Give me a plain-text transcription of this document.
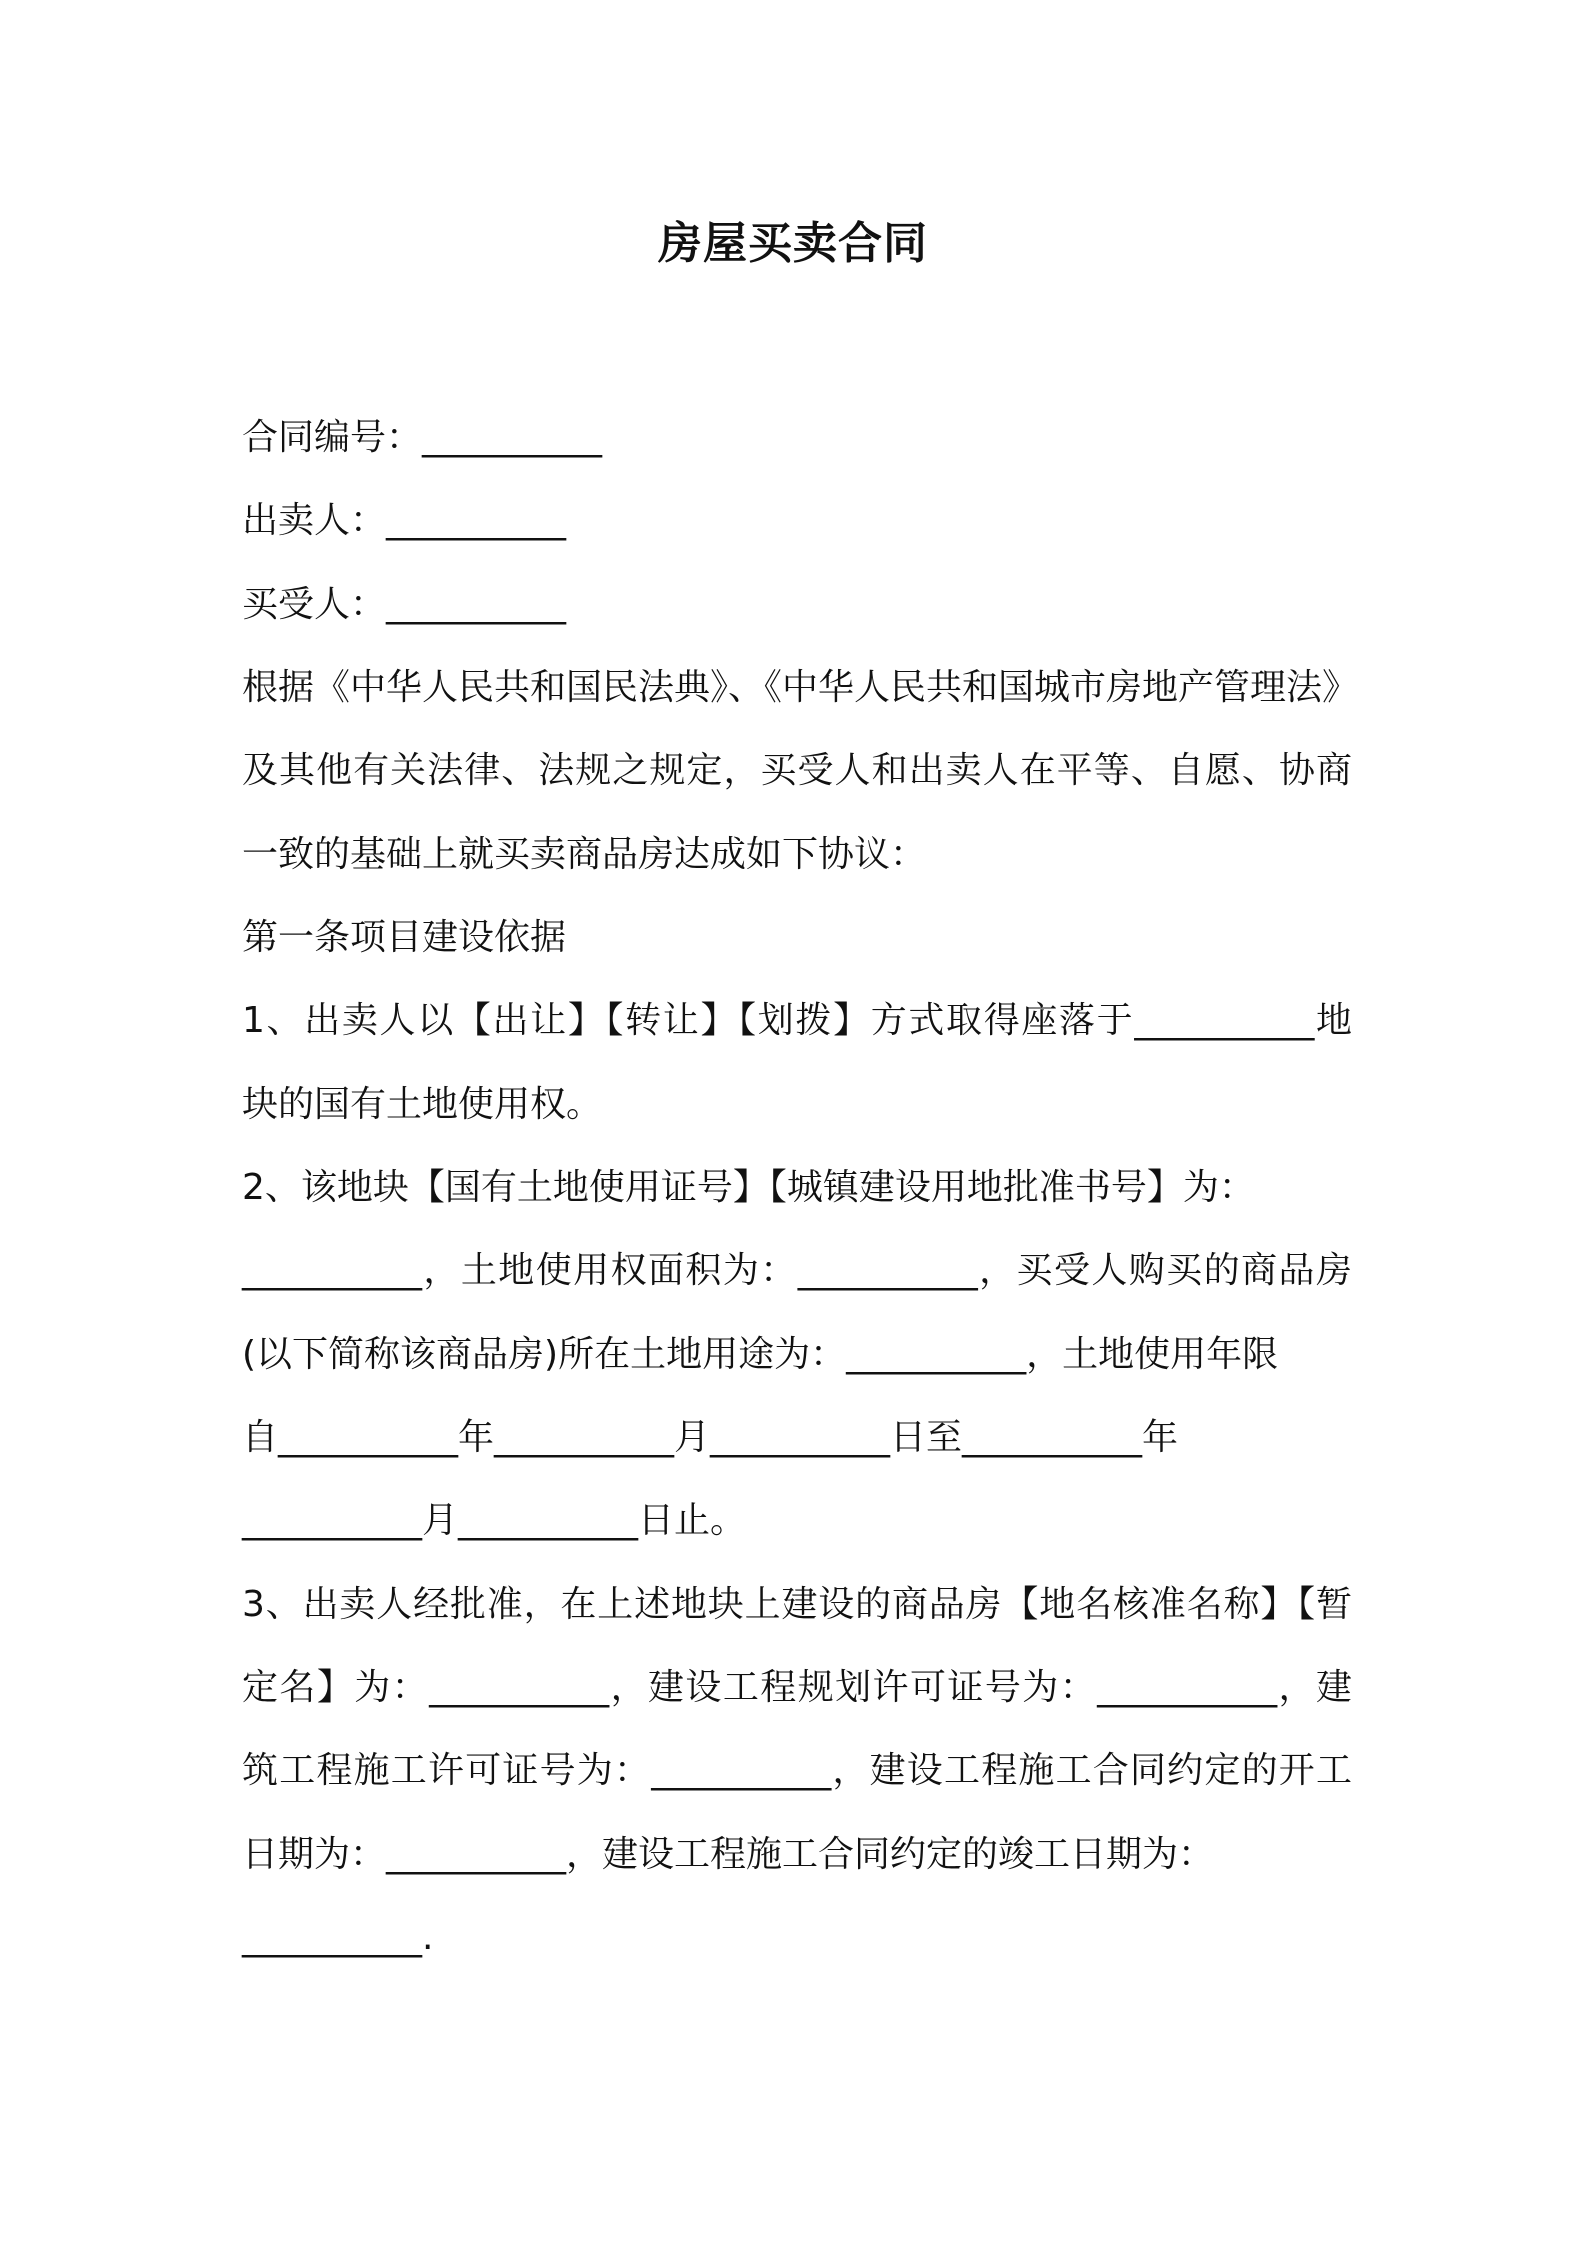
房屋买卖合同
合同编号：__________
出卖人：__________
买受人：__________
根据《中华人民共和国民法典》、《中华人民共和国城市房地产管理法》
及其他有关法律、法规之规定，买受人和出卖人在平等、自愿、协商
一致的基础上就买卖商品房达成如下协议：
第一条项目建设依据
1、出卖人以【出让】【转让】【划拨】方式取得座落于__________地
块的国有土地使用权。
2、该地块【国有土地使用证号】【城镇建设用地批准书号】为：
__________，土地使用权面积为：__________，买受人购买的商品房
(以下简称该商品房)所在土地用途为：__________，土地使用年限
自__________年__________月__________日至__________年
__________月__________日止。
3、出卖人经批准，在上述地块上建设的商品房【地名核准名称】【暂
定名】为：__________，建设工程规划许可证号为：__________，建
筑工程施工许可证号为：__________，建设工程施工合同约定的开工
日期为：__________，建设工程施工合同约定的竣工日期为：
__________.
